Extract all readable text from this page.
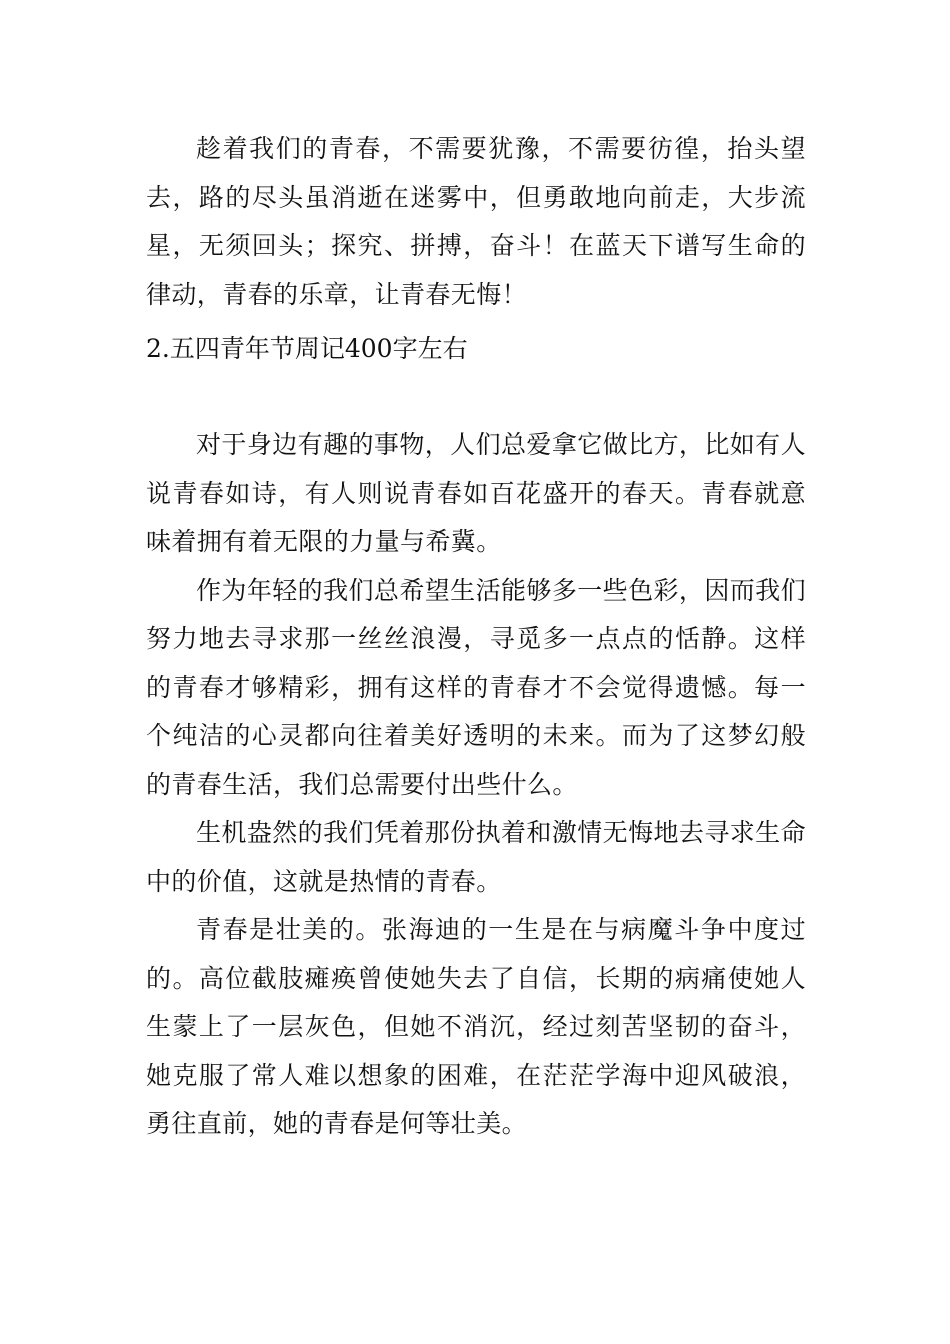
趁着我们的青春，不需要犹豫，不需要彷徨，抬头望去，路的尽头虽消逝在迷雾中，但勇敢地向前走，大步流星，无须回头；探究、拼搏，奋斗！在蓝天下谱写生命的律动，青春的乐章，让青春无悔！

2.五四青年节周记400字左右

对于身边有趣的事物，人们总爱拿它做比方，比如有人说青春如诗，有人则说青春如百花盛开的春天。青春就意味着拥有着无限的力量与希冀。

作为年轻的我们总希望生活能够多一些色彩，因而我们努力地去寻求那一丝丝浪漫，寻觅多一点点的恬静。这样的青春才够精彩，拥有这样的青春才不会觉得遗憾。每一个纯洁的心灵都向往着美好透明的未来。而为了这梦幻般的青春生活，我们总需要付出些什么。

生机盎然的我们凭着那份执着和激情无悔地去寻求生命中的价值，这就是热情的青春。

青春是壮美的。张海迪的一生是在与病魔斗争中度过的。高位截肢瘫痪曾使她失去了自信，长期的病痛使她人生蒙上了一层灰色，但她不消沉，经过刻苦坚韧的奋斗，她克服了常人难以想象的困难，在茫茫学海中迎风破浪，勇往直前，她的青春是何等壮美。
